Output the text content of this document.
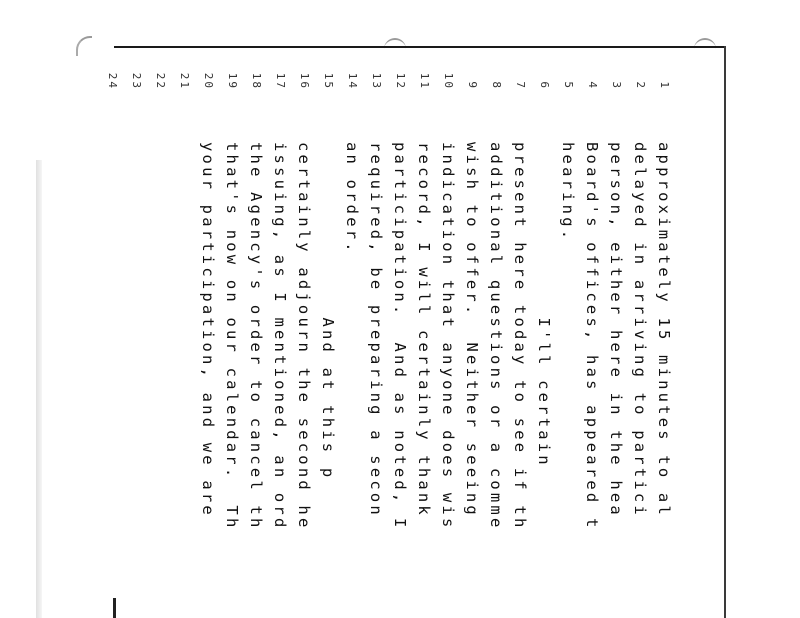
1
approximately 15 minutes to al
2
delayed in arriving to partici
3
person, either here in the hea
4
Board's offices, has appeared t
5
hearing.
6
I'll certain
7
present here today to see if th
8
additional questions or a comme
9
wish to offer.  Neither seeing
10
indication that anyone does wis
11
record, I will certainly thank
12
participation.  And as noted, I
13
required, be preparing a secon
14
an order.
15
And at this p
16
certainly adjourn the second he
17
issuing, as I mentioned, an ord
18
the Agency's order to cancel th
19
that's now on our calendar.  Th
20
your participation, and we are
21
22
23
24
